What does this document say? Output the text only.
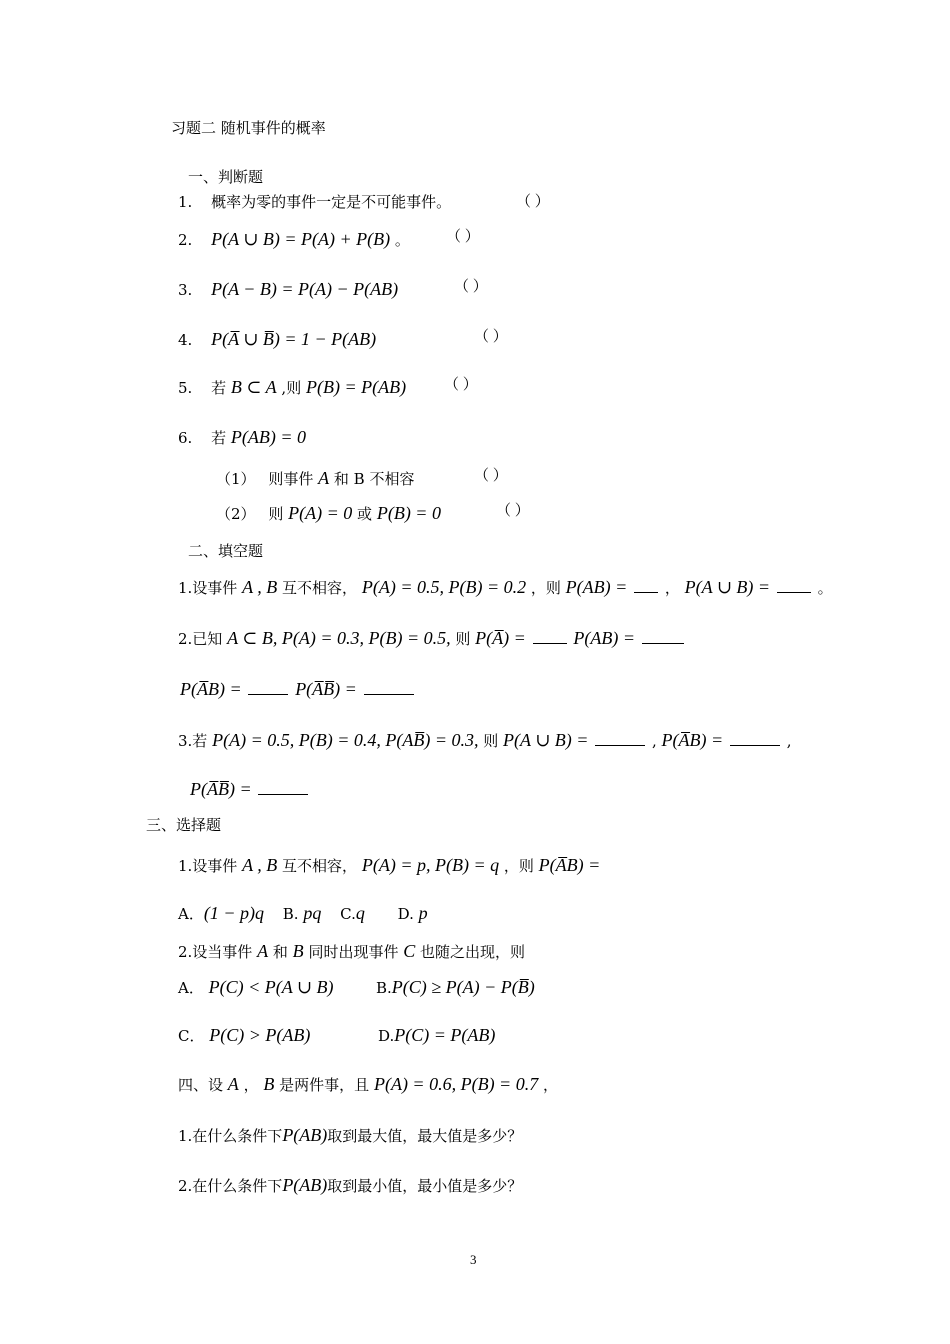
习题二 随机事件的概率
一、判断题
1. 概率为零的事件一定是不可能事件。	（ ）
2. P(A ∪ B) = P(A) + P(B) 。 （ ）
3. P(A − B) = P(A) − P(AB)	（ ）
4. P(A̅ ∪ B̅) = 1 − P(AB)	（ ）
5. 若 B ⊂ A ,则 P(B) = P(AB)	（ ）
6. 若 P(AB) = 0
（1） 则事件 A 和 B 不相容	（ ）
（2） 则 P(A) = 0 或 P(B) = 0	（ ）
二、填空题
1.设事件 A , B 互不相容， P(A) = 0.5, P(B) = 0.2 ，则 P(AB) =	， P(A ∪ B) =	。
2.已知 A ⊂ B, P(A) = 0.3, P(B) = 0.5, 则 P(A̅) =	P(AB) =
P(A̅B) =	P(A̅B̅) =
3.若 P(A) = 0.5, P(B) = 0.4, P(AB̅) = 0.3, 则 P(A ∪ B) =	, P(A̅B) =	,
P(A̅B̅) =
三、选择题
1.设事件 A , B 互不相容， P(A) = p, P(B) = q ，则 P(A̅B) =
A．(1 − p)q B. pq C.q D. p
2.设当事件 A 和 B 同时出现事件 C 也随之出现，则
A． P(C) < P(A ∪ B)	B.P(C) ≥ P(A) − P(B̅)
C． P(C) > P(AB)	D.P(C) = P(AB)
四、设 A ， B 是两件事，且 P(A) = 0.6, P(B) = 0.7 ，
1.在什么条件下P(AB)取到最大值，最大值是多少？
2.在什么条件下P(AB)取到最小值，最小值是多少？
3
